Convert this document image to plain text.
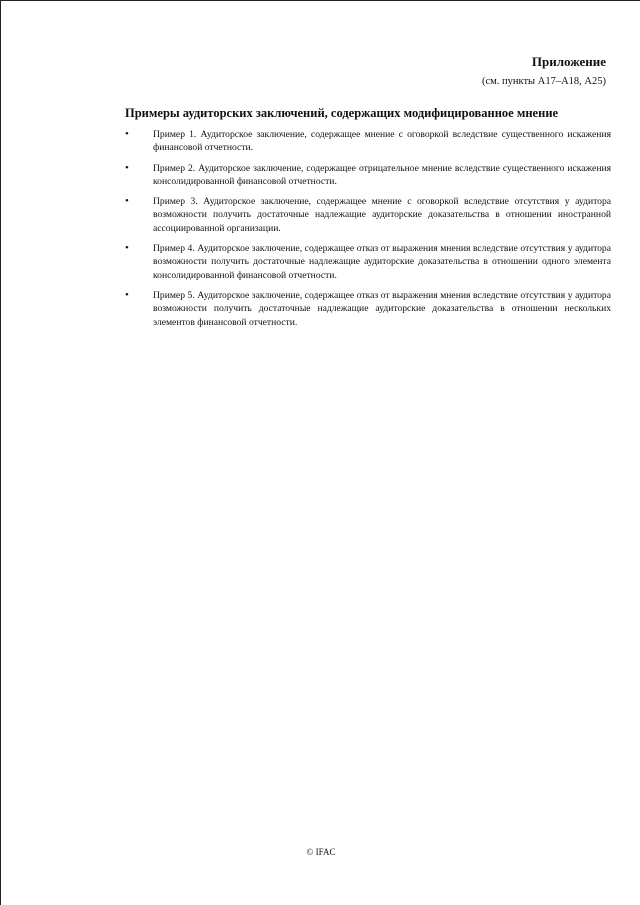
Приложение
(см. пункты А17–А18, А25)
Примеры аудиторских заключений, содержащих модифицированное мнение
•	Пример 1. Аудиторское заключение, содержащее мнение с оговоркой вследствие существенного искажения финансовой отчетности.
•	Пример 2. Аудиторское заключение, содержащее отрицательное мнение вследствие существенного искажения консолидированной финансовой отчетности.
•	Пример 3. Аудиторское заключение, содержащее мнение с оговоркой вследствие отсутствия у аудитора возможности получить достаточные надлежащие аудиторские доказательства в отношении иностранной ассоциированной организации.
•	Пример 4. Аудиторское заключение, содержащее отказ от выражения мнения вследствие отсутствия у аудитора возможности получить достаточные надлежащие аудиторские доказательства в отношении одного элемента консолидированной финансовой отчетности.
•	Пример 5. Аудиторское заключение, содержащее отказ от выражения мнения вследствие отсутствия у аудитора возможности получить достаточные надлежащие аудиторские доказательства в отношении нескольких элементов финансовой отчетности.
© IFAC
